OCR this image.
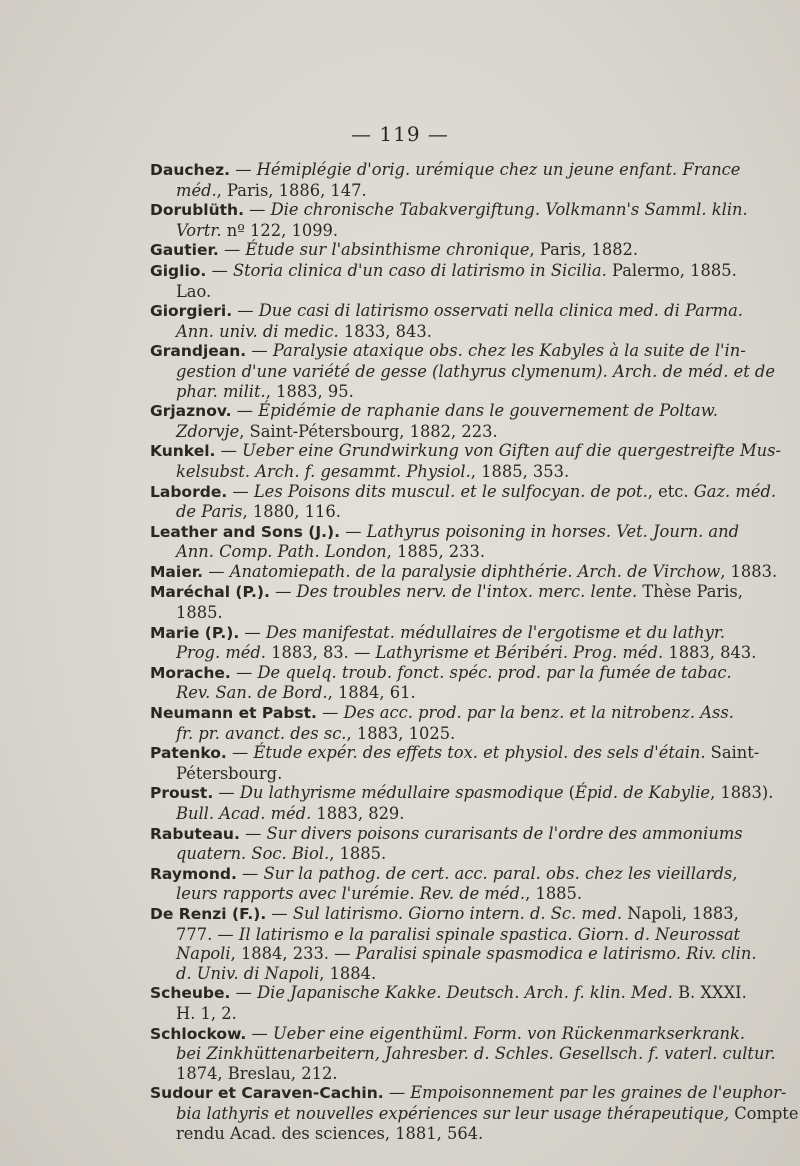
— 119 —
Dauchez. — Hémiplégie d'orig. urémique chez un jeune enfant. France
méd., Paris, 1886, 147.
Dorublüth. — Die chronische Tabakvergiftung. Volkmann's Samml. klin.
Vortr. nº 122, 1099.
Gautier. — Étude sur l'absinthisme chronique, Paris, 1882.
Giglio. — Storia clinica d'un caso di latirismo in Sicilia. Palermo, 1885.
Lao.
Giorgieri. — Due casi di latirismo osservati nella clinica med. di Parma.
Ann. univ. di medic. 1833, 843.
Grandjean. — Paralysie ataxique obs. chez les Kabyles à la suite de l'in-
gestion d'une variété de gesse (lathyrus clymenum). Arch. de méd. et de
phar. milit., 1883, 95.
Grjaznov. — Épidémie de raphanie dans le gouvernement de Poltaw.
Zdorvje, Saint-Pétersbourg, 1882, 223.
Kunkel. — Ueber eine Grundwirkung von Giften auf die quergestreifte Mus-
kelsubst. Arch. f. gesammt. Physiol., 1885, 353.
Laborde. — Les Poisons dits muscul. et le sulfocyan. de pot., etc. Gaz. méd.
de Paris, 1880, 116.
Leather and Sons (J.). — Lathyrus poisoning in horses. Vet. Journ. and
Ann. Comp. Path. London, 1885, 233.
Maier. — Anatomiepath. de la paralysie diphthérie. Arch. de Virchow, 1883.
Maréchal (P.). — Des troubles nerv. de l'intox. merc. lente. Thèse Paris,
1885.
Marie (P.). — Des manifestat. médullaires de l'ergotisme et du lathyr.
Prog. méd. 1883, 83. — Lathyrisme et Béribéri. Prog. méd. 1883, 843.
Morache. — De quelq. troub. fonct. spéc. prod. par la fumée de tabac.
Rev. San. de Bord., 1884, 61.
Neumann et Pabst. — Des acc. prod. par la benz. et la nitrobenz. Ass.
fr. pr. avanct. des sc., 1883, 1025.
Patenko. — Étude expér. des effets tox. et physiol. des sels d'étain. Saint-
Pétersbourg.
Proust. — Du lathyrisme médullaire spasmodique (Épid. de Kabylie, 1883).
Bull. Acad. méd. 1883, 829.
Rabuteau. — Sur divers poisons curarisants de l'ordre des ammoniums
quatern. Soc. Biol., 1885.
Raymond. — Sur la pathog. de cert. acc. paral. obs. chez les vieillards,
leurs rapports avec l'urémie. Rev. de méd., 1885.
De Renzi (F.). — Sul latirismo. Giorno intern. d. Sc. med. Napoli, 1883,
777. — Il latirismo e la paralisi spinale spastica. Giorn. d. Neurossat
Napoli, 1884, 233. — Paralisi spinale spasmodica e latirismo. Riv. clin.
d. Univ. di Napoli, 1884.
Scheube. — Die Japanische Kakke. Deutsch. Arch. f. klin. Med. B. XXXI.
H. 1, 2.
Schlockow. — Ueber eine eigenthüml. Form. von Rückenmarkserkrank.
bei Zinkhüttenarbeitern, Jahresber. d. Schles. Gesellsch. f. vaterl. cultur.
1874, Breslau, 212.
Sudour et Caraven-Cachin. — Empoisonnement par les graines de l'euphor-
bia lathyris et nouvelles expériences sur leur usage thérapeutique, Compte
rendu Acad. des sciences, 1881, 564.
